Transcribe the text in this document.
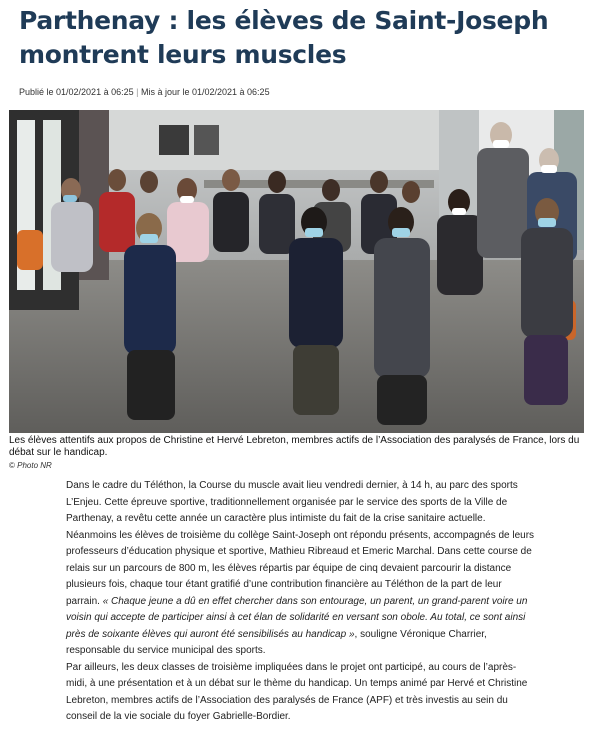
Parthenay : les élèves de Saint-Joseph montrent leurs muscles
Publié le 01/02/2021 à 06:25 | Mis à jour le 01/02/2021 à 06:25
Les élèves attentifs aux propos de Christine et Hervé Lebreton, membres actifs de l’Association des paralysés de France, lors du débat sur le handicap.
© Photo NR

Dans le cadre du Téléthon, la Course du muscle avait lieu vendredi dernier, à 14 h, au parc des sports L’Enjeu. Cette épreuve sportive, traditionnellement organisée par le service des sports de la Ville de Parthenay, a revêtu cette année un caractère plus intimiste du fait de la crise sanitaire actuelle.

Néanmoins les élèves de troisième du collège Saint-Joseph ont répondu présents, accompagnés de leurs professeurs d’éducation physique et sportive, Mathieu Ribreaud et Emeric Marchal. Dans cette course de relais sur un parcours de 800 m, les élèves répartis par équipe de cinq devaient parcourir la distance plusieurs fois, chaque tour étant gratifié d’une contribution financière au Téléthon de la part de leur parrain. « Chaque jeune a dû en effet chercher dans son entourage, un parent, un grand-parent voire un voisin qui accepte de participer ainsi à cet élan de solidarité en versant son obole. Au total, ce sont ainsi près de soixante élèves qui auront été sensibilisés au handicap », souligne Véronique Charrier, responsable du service municipal des sports.

Par ailleurs, les deux classes de troisième impliquées dans le projet ont participé, au cours de l’après-midi, à une présentation et à un débat sur le thème du handicap. Un temps animé par Hervé et Christine Lebreton, membres actifs de l’Association des paralysés de France (APF) et très investis au sein du conseil de la vie sociale du foyer Gabrielle-Bordier.
